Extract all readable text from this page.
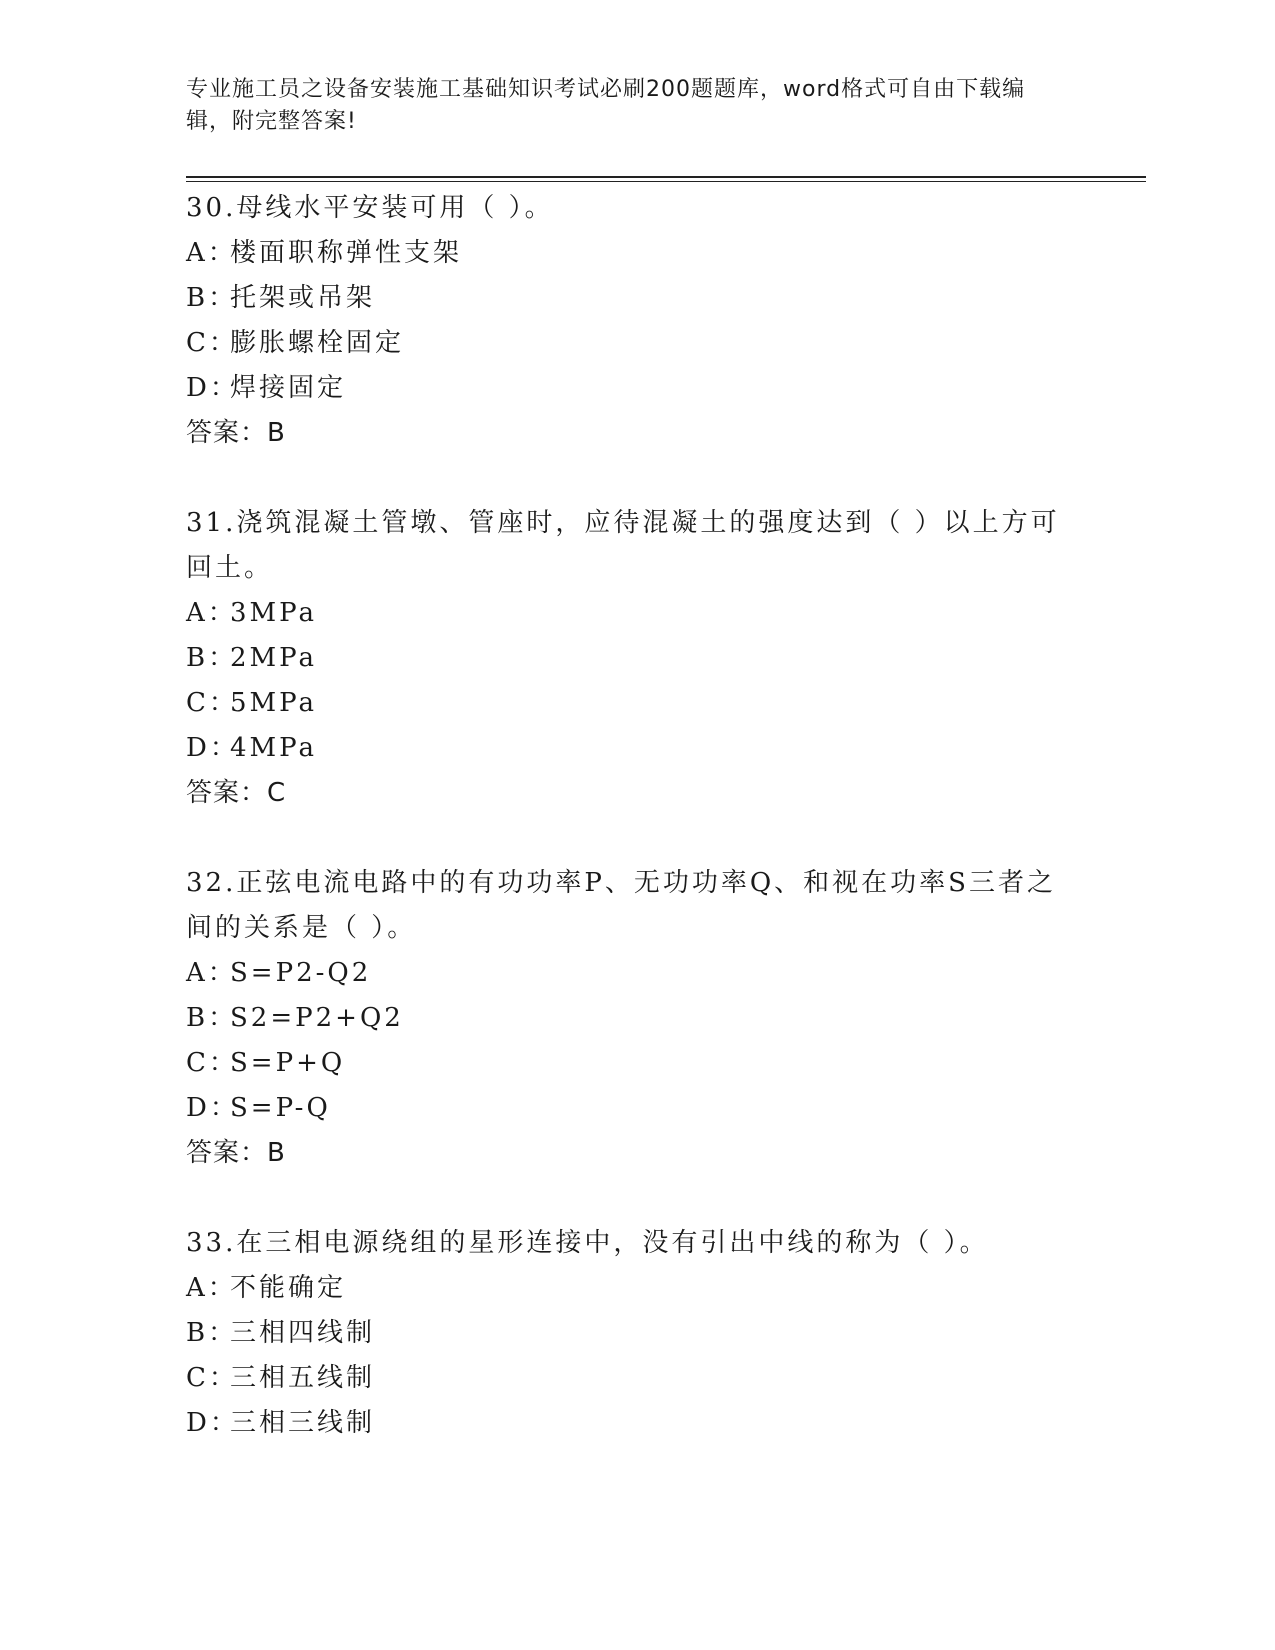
专业施工员之设备安装施工基础知识考试必刷200题题库，word格式可自由下载编辑，附完整答案!
30.母线水平安装可用（ ）。
A：楼面职称弹性支架
B：托架或吊架
C：膨胀螺栓固定
D：焊接固定
答案：B
31.浇筑混凝土管墩、管座时，应待混凝土的强度达到（ ）以上方可回土。
A：3MPa
B：2MPa
C：5MPa
D：4MPa
答案：C
32.正弦电流电路中的有功功率P、无功功率Q、和视在功率S三者之间的关系是（ ）。
A：S=P2-Q2
B：S2=P2+Q2
C：S=P+Q
D：S=P-Q
答案：B
33.在三相电源绕组的星形连接中，没有引出中线的称为（ ）。
A：不能确定
B：三相四线制
C：三相五线制
D：三相三线制
